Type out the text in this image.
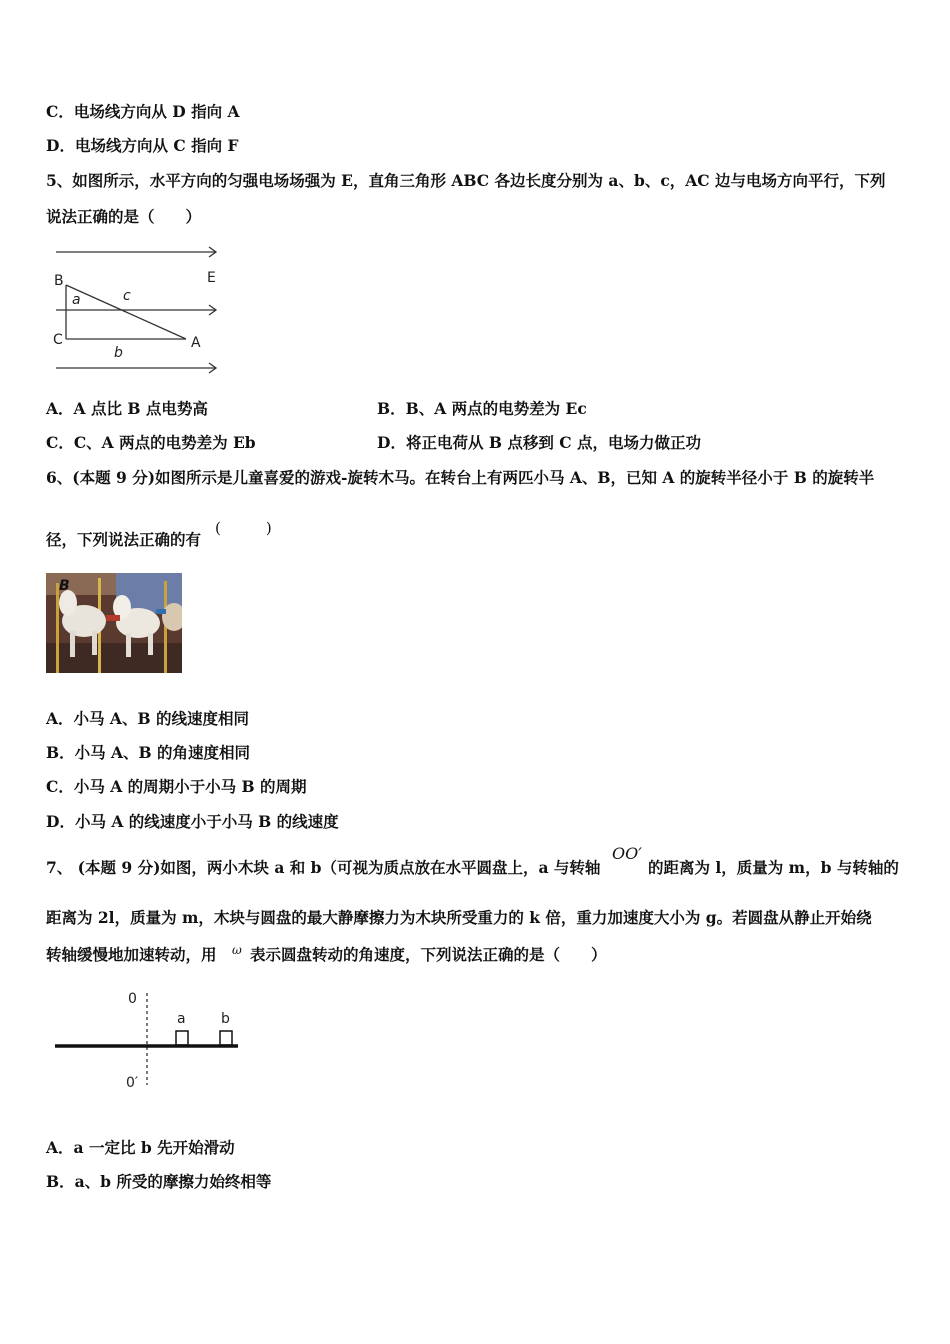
C．电场线方向从 D 指向 A
D．电场线方向从 C 指向 F
5、如图所示，水平方向的匀强电场场强为 E，直角三角形 ABC 各边长度分别为 a、b、c，AC 边与电场方向平行，下列
说法正确的是（　　）
B	E
a	c
C	A
b
A．A 点比 B 点电势高	B．B、A 两点的电势差为 Ec
C．C、A 两点的电势差为 Eb	D．将正电荷从 B 点移到 C 点，电场力做正功
6、(本题 9 分)如图所示是儿童喜爱的游戏‑旋转木马。在转台上有两匹小马 A、B，已知 A 的旋转半径小于 B 的旋转半
径，下列说法正确的有
(　　　)
B
A．小马 A、B 的线速度相同
B．小马 A、B 的角速度相同
C．小马 A 的周期小于小马 B 的周期
D．小马 A 的线速度小于小马 B 的线速度
7、 (本题 9 分)如图，两小木块 a 和 b（可视为质点放在水平圆盘上，a 与转轴
OO′
的距离为 l，质量为 m，b 与转轴的
距离为 2l，质量为 m，木块与圆盘的最大静摩擦力为木块所受重力的 k 倍，重力加速度大小为 g。若圆盘从静止开始绕
转轴缓慢地加速转动，用 ω 表示圆盘转动的角速度，下列说法正确的是（　　）
0
0′
a	b
A．a 一定比 b 先开始滑动
B．a、b 所受的摩擦力始终相等
